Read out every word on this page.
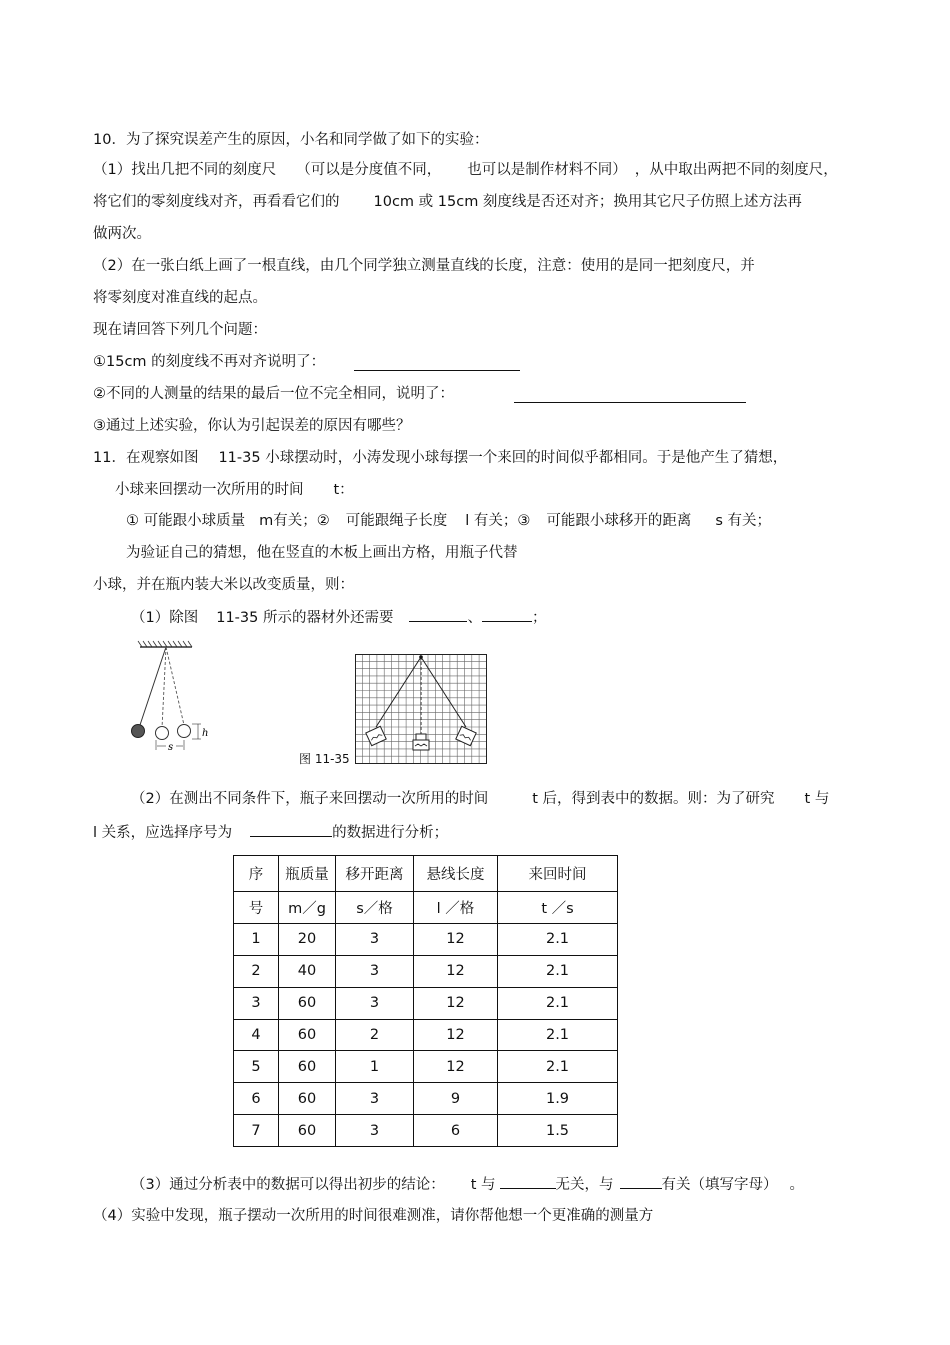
10．为了探究误差产生的原因，小名和同学做了如下的实验：
（1）找出几把不同的刻度尺 （可以是分度值不同， 也可以是制作材料不同） ，从中取出两把不同的刻度尺，
将它们的零刻度线对齐，再看看它们的 10cm 或 15cm 刻度线是否还对齐；换用其它尺子仿照上述方法再
做两次。
（2）在一张白纸上画了一根直线，由几个同学独立测量直线的长度，注意：使用的是同一把刻度尺，并
将零刻度对准直线的起点。
现在请回答下列几个问题：
①15cm 的刻度线不再对齐说明了：
②不同的人测量的结果的最后一位不完全相同，说明了：
③通过上述实验，你认为引起误差的原因有哪些？
11．在观察如图 11-35 小球摆动时，小涛发现小球每摆一个来回的时间似乎都相同。于是他产生了猜想，
小球来回摆动一次所用的时间 t：
① 可能跟小球质量 m有关；② 可能跟绳子长度 l 有关；③ 可能跟小球移开的距离 s 有关；
为验证自己的猜想，他在竖直的木板上画出方格，用瓶子代替
小球，并在瓶内装大米以改变质量，则：
（1）除图 11-35 所示的器材外还需要	、	；
s
h
图 11-35
（2）在测出不同条件下，瓶子来回摆动一次所用的时间	t 后，得到表中的数据。则：为了研究 t 与
l 关系，应选择序号为	的数据进行分析；
序	瓶质量	移开距离	悬线长度	来回时间
号	m／g	s／格	l ／格	t ／s
1	20	3	12	2.1
2	40	3	12	2.1
3	60	3	12	2.1
4	60	2	12	2.1
5	60	1	12	2.1
6	60	3	9	1.9
7	60	3	6	1.5
（3）通过分析表中的数据可以得出初步的结论： t 与	无关，与	有关（填写字母） 。
（4）实验中发现，瓶子摆动一次所用的时间很难测准，请你帮他想一个更准确的测量方
